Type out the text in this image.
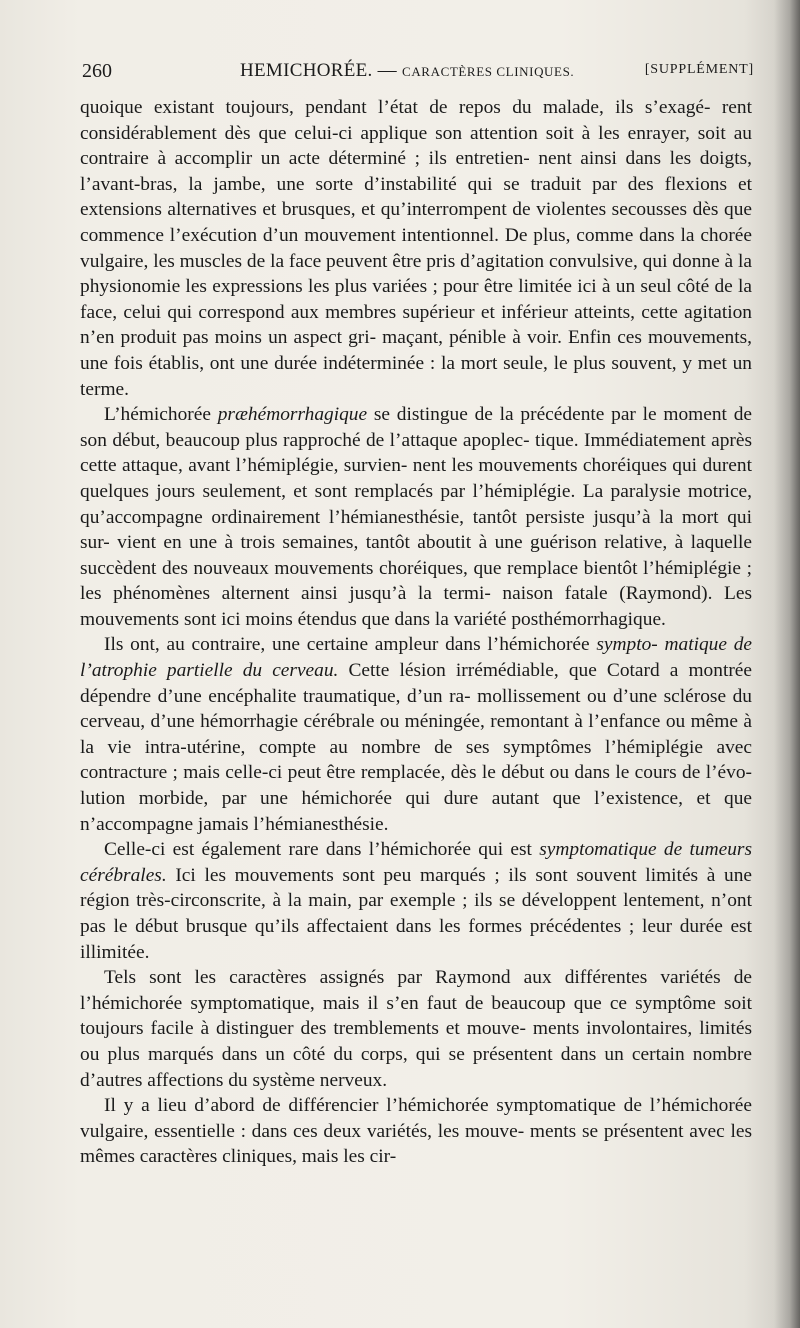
260	HEMICHORÉE. — CARACTÈRES CLINIQUES.	[SUPPLÉMENT]

quoique existant toujours, pendant l’état de repos du malade, ils s’exagé- rent considérablement dès que celui-ci applique son attention soit à les enrayer, soit au contraire à accomplir un acte déterminé ; ils entretien- nent ainsi dans les doigts, l’avant-bras, la jambe, une sorte d’instabilité qui se traduit par des flexions et extensions alternatives et brusques, et qu’interrompent de violentes secousses dès que commence l’exécution d’un mouvement intentionnel. De plus, comme dans la chorée vulgaire, les muscles de la face peuvent être pris d’agitation convulsive, qui donne à la physionomie les expressions les plus variées ; pour être limitée ici à un seul côté de la face, celui qui correspond aux membres supérieur et inférieur atteints, cette agitation n’en produit pas moins un aspect gri- maçant, pénible à voir. Enfin ces mouvements, une fois établis, ont une durée indéterminée : la mort seule, le plus souvent, y met un terme.

L’hémichorée præhémorrhagique se distingue de la précédente par le moment de son début, beaucoup plus rapproché de l’attaque apoplec- tique. Immédiatement après cette attaque, avant l’hémiplégie, survien- nent les mouvements choréiques qui durent quelques jours seulement, et sont remplacés par l’hémiplégie. La paralysie motrice, qu’accompagne ordinairement l’hémianesthésie, tantôt persiste jusqu’à la mort qui sur- vient en une à trois semaines, tantôt aboutit à une guérison relative, à laquelle succèdent des nouveaux mouvements choréiques, que remplace bientôt l’hémiplégie ; les phénomènes alternent ainsi jusqu’à la termi- naison fatale (Raymond). Les mouvements sont ici moins étendus que dans la variété posthémorrhagique.

Ils ont, au contraire, une certaine ampleur dans l’hémichorée sympto- matique de l’atrophie partielle du cerveau. Cette lésion irrémédiable, que Cotard a montrée dépendre d’une encéphalite traumatique, d’un ra- mollissement ou d’une sclérose du cerveau, d’une hémorrhagie cérébrale ou méningée, remontant à l’enfance ou même à la vie intra-utérine, compte au nombre de ses symptômes l’hémiplégie avec contracture ; mais celle-ci peut être remplacée, dès le début ou dans le cours de l’évo- lution morbide, par une hémichorée qui dure autant que l’existence, et que n’accompagne jamais l’hémianesthésie.

Celle-ci est également rare dans l’hémichorée qui est symptomatique de tumeurs cérébrales. Ici les mouvements sont peu marqués ; ils sont souvent limités à une région très-circonscrite, à la main, par exemple ; ils se développent lentement, n’ont pas le début brusque qu’ils affectaient dans les formes précédentes ; leur durée est illimitée.

Tels sont les caractères assignés par Raymond aux différentes variétés de l’hémichorée symptomatique, mais il s’en faut de beaucoup que ce symptôme soit toujours facile à distinguer des tremblements et mouve- ments involontaires, limités ou plus marqués dans un côté du corps, qui se présentent dans un certain nombre d’autres affections du système nerveux.

Il y a lieu d’abord de différencier l’hémichorée symptomatique de l’hémichorée vulgaire, essentielle : dans ces deux variétés, les mouve- ments se présentent avec les mêmes caractères cliniques, mais les cir-
